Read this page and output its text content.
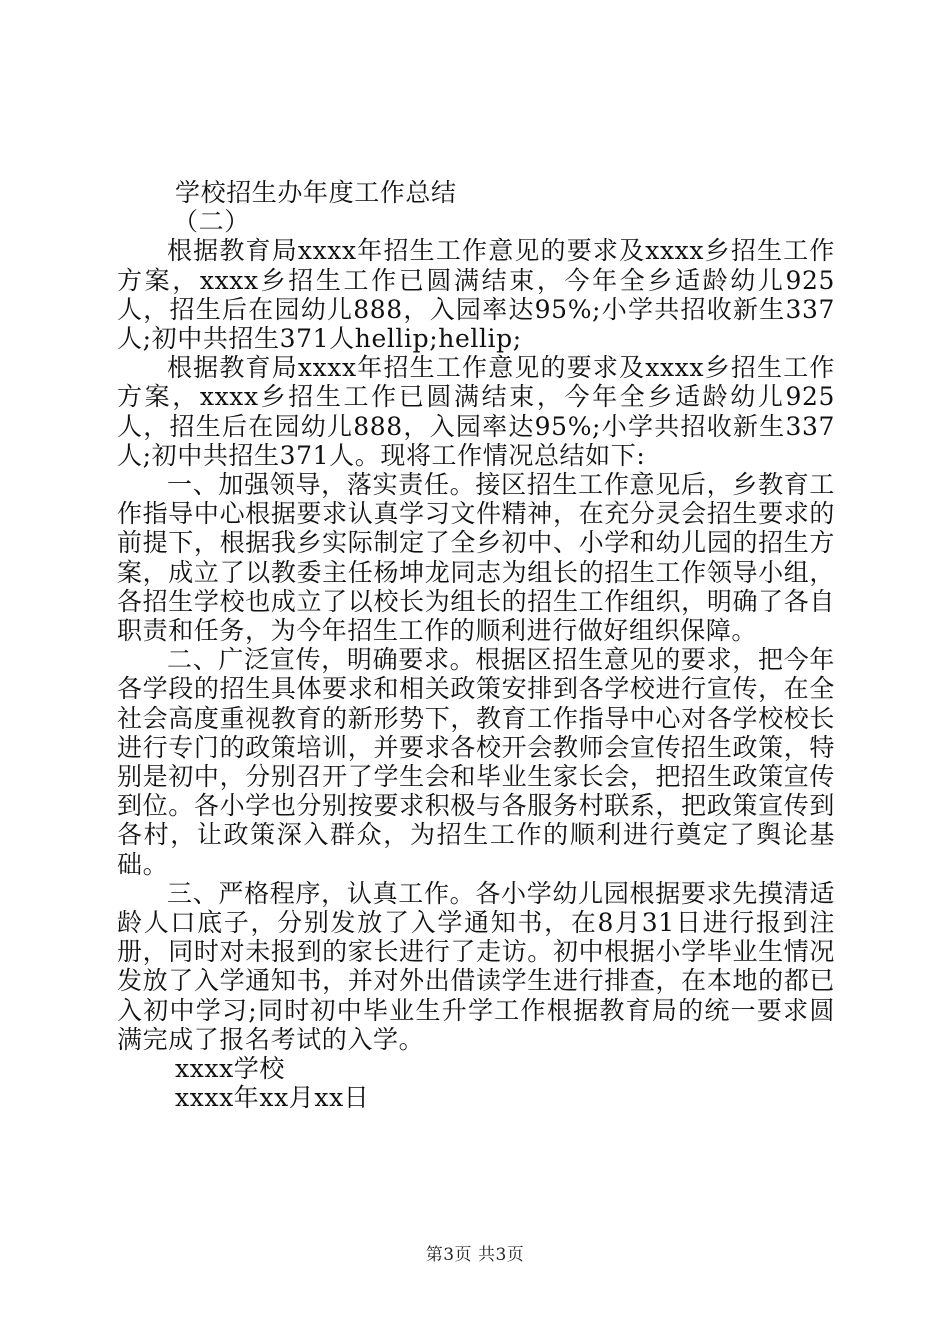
学校招生办年度工作总结

（二）

根据教育局xxxx年招生工作意见的要求及xxxx乡招生工作方案，xxxx乡招生工作已圆满结束，今年全乡适龄幼儿925人，招生后在园幼儿888，入园率达95%;小学共招收新生337人;初中共招生371人hellip;hellip;

根据教育局xxxx年招生工作意见的要求及xxxx乡招生工作方案，xxxx乡招生工作已圆满结束，今年全乡适龄幼儿925人，招生后在园幼儿888，入园率达95%;小学共招收新生337人;初中共招生371人。现将工作情况总结如下:

一、加强领导，落实责任。接区招生工作意见后，乡教育工作指导中心根据要求认真学习文件精神，在充分灵会招生要求的前提下，根据我乡实际制定了全乡初中、小学和幼儿园的招生方案，成立了以教委主任杨坤龙同志为组长的招生工作领导小组，各招生学校也成立了以校长为组长的招生工作组织，明确了各自职责和任务，为今年招生工作的顺利进行做好组织保障。

二、广泛宣传，明确要求。根据区招生意见的要求，把今年各学段的招生具体要求和相关政策安排到各学校进行宣传，在全社会高度重视教育的新形势下，教育工作指导中心对各学校校长进行专门的政策培训，并要求各校开会教师会宣传招生政策，特别是初中，分别召开了学生会和毕业生家长会，把招生政策宣传到位。各小学也分别按要求积极与各服务村联系，把政策宣传到各村，让政策深入群众，为招生工作的顺利进行奠定了舆论基础。

三、严格程序，认真工作。各小学幼儿园根据要求先摸清适龄人口底子，分别发放了入学通知书，在8月31日进行报到注册，同时对未报到的家长进行了走访。初中根据小学毕业生情况发放了入学通知书，并对外出借读学生进行排查，在本地的都已入初中学习;同时初中毕业生升学工作根据教育局的统一要求圆满完成了报名考试的入学。

xxxx学校

xxxx年xx月xx日

第3页 共3页
